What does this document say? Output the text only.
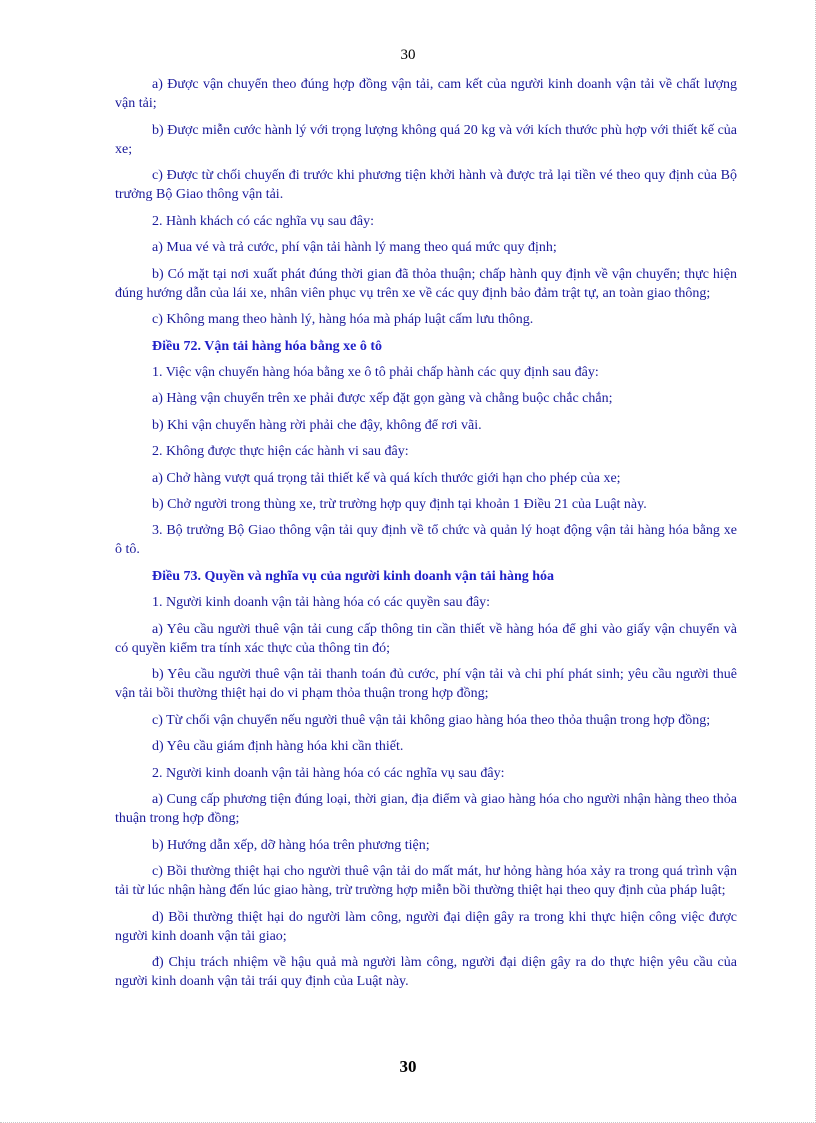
30

a) Được vận chuyển theo đúng hợp đồng vận tải, cam kết của người kinh doanh vận tải về chất lượng vận tải;

b) Được miễn cước hành lý với trọng lượng không quá 20 kg và với kích thước phù hợp với thiết kế của xe;

c) Được từ chối chuyến đi trước khi phương tiện khởi hành và được trả lại tiền vé theo quy định của Bộ trưởng Bộ Giao thông vận tải.

2. Hành khách có các nghĩa vụ sau đây:

a) Mua vé và trả cước, phí vận tải hành lý mang theo quá mức quy định;

b) Có mặt tại nơi xuất phát đúng thời gian đã thỏa thuận; chấp hành quy định về vận chuyển; thực hiện đúng hướng dẫn của lái xe, nhân viên phục vụ trên xe về các quy định bảo đảm trật tự, an toàn giao thông;

c) Không mang theo hành lý, hàng hóa mà pháp luật cấm lưu thông.

Điều 72. Vận tải hàng hóa bằng xe ô tô

1. Việc vận chuyển hàng hóa bằng xe ô tô phải chấp hành các quy định sau đây:

a) Hàng vận chuyển trên xe phải được xếp đặt gọn gàng và chằng buộc chắc chắn;

b) Khi vận chuyển hàng rời phải che đậy, không để rơi vãi.

2. Không được thực hiện các hành vi sau đây:

a) Chở hàng vượt quá trọng tải thiết kế và quá kích thước giới hạn cho phép của xe;

b) Chở người trong thùng xe, trừ trường hợp quy định tại khoản 1 Điều 21 của Luật này.

3. Bộ trưởng Bộ Giao thông vận tải quy định về tổ chức và quản lý hoạt động vận tải hàng hóa bằng xe ô tô.

Điều 73. Quyền và nghĩa vụ của người kinh doanh vận tải hàng hóa

1. Người kinh doanh vận tải hàng hóa có các quyền sau đây:

a) Yêu cầu người thuê vận tải cung cấp thông tin cần thiết về hàng hóa để ghi vào giấy vận chuyển và có quyền kiểm tra tính xác thực của thông tin đó;

b) Yêu cầu người thuê vận tải thanh toán đủ cước, phí vận tải và chi phí phát sinh; yêu cầu người thuê vận tải bồi thường thiệt hại do vi phạm thỏa thuận trong hợp đồng;

c) Từ chối vận chuyển nếu người thuê vận tải không giao hàng hóa theo thỏa thuận trong hợp đồng;

d) Yêu cầu giám định hàng hóa khi cần thiết.

2. Người kinh doanh vận tải hàng hóa có các nghĩa vụ sau đây:

a) Cung cấp phương tiện đúng loại, thời gian, địa điểm và giao hàng hóa cho người nhận hàng theo thỏa thuận trong hợp đồng;

b) Hướng dẫn xếp, dỡ hàng hóa trên phương tiện;

c) Bồi thường thiệt hại cho người thuê vận tải do mất mát, hư hỏng hàng hóa xảy ra trong quá trình vận tải từ lúc nhận hàng đến lúc giao hàng, trừ trường hợp miễn bồi thường thiệt hại theo quy định của pháp luật;

d) Bồi thường thiệt hại do người làm công, người đại diện gây ra trong khi thực hiện công việc được người kinh doanh vận tải giao;

đ) Chịu trách nhiệm về hậu quả mà người làm công, người đại diện gây ra do thực hiện yêu cầu của người kinh doanh vận tải trái quy định của Luật này.

30
